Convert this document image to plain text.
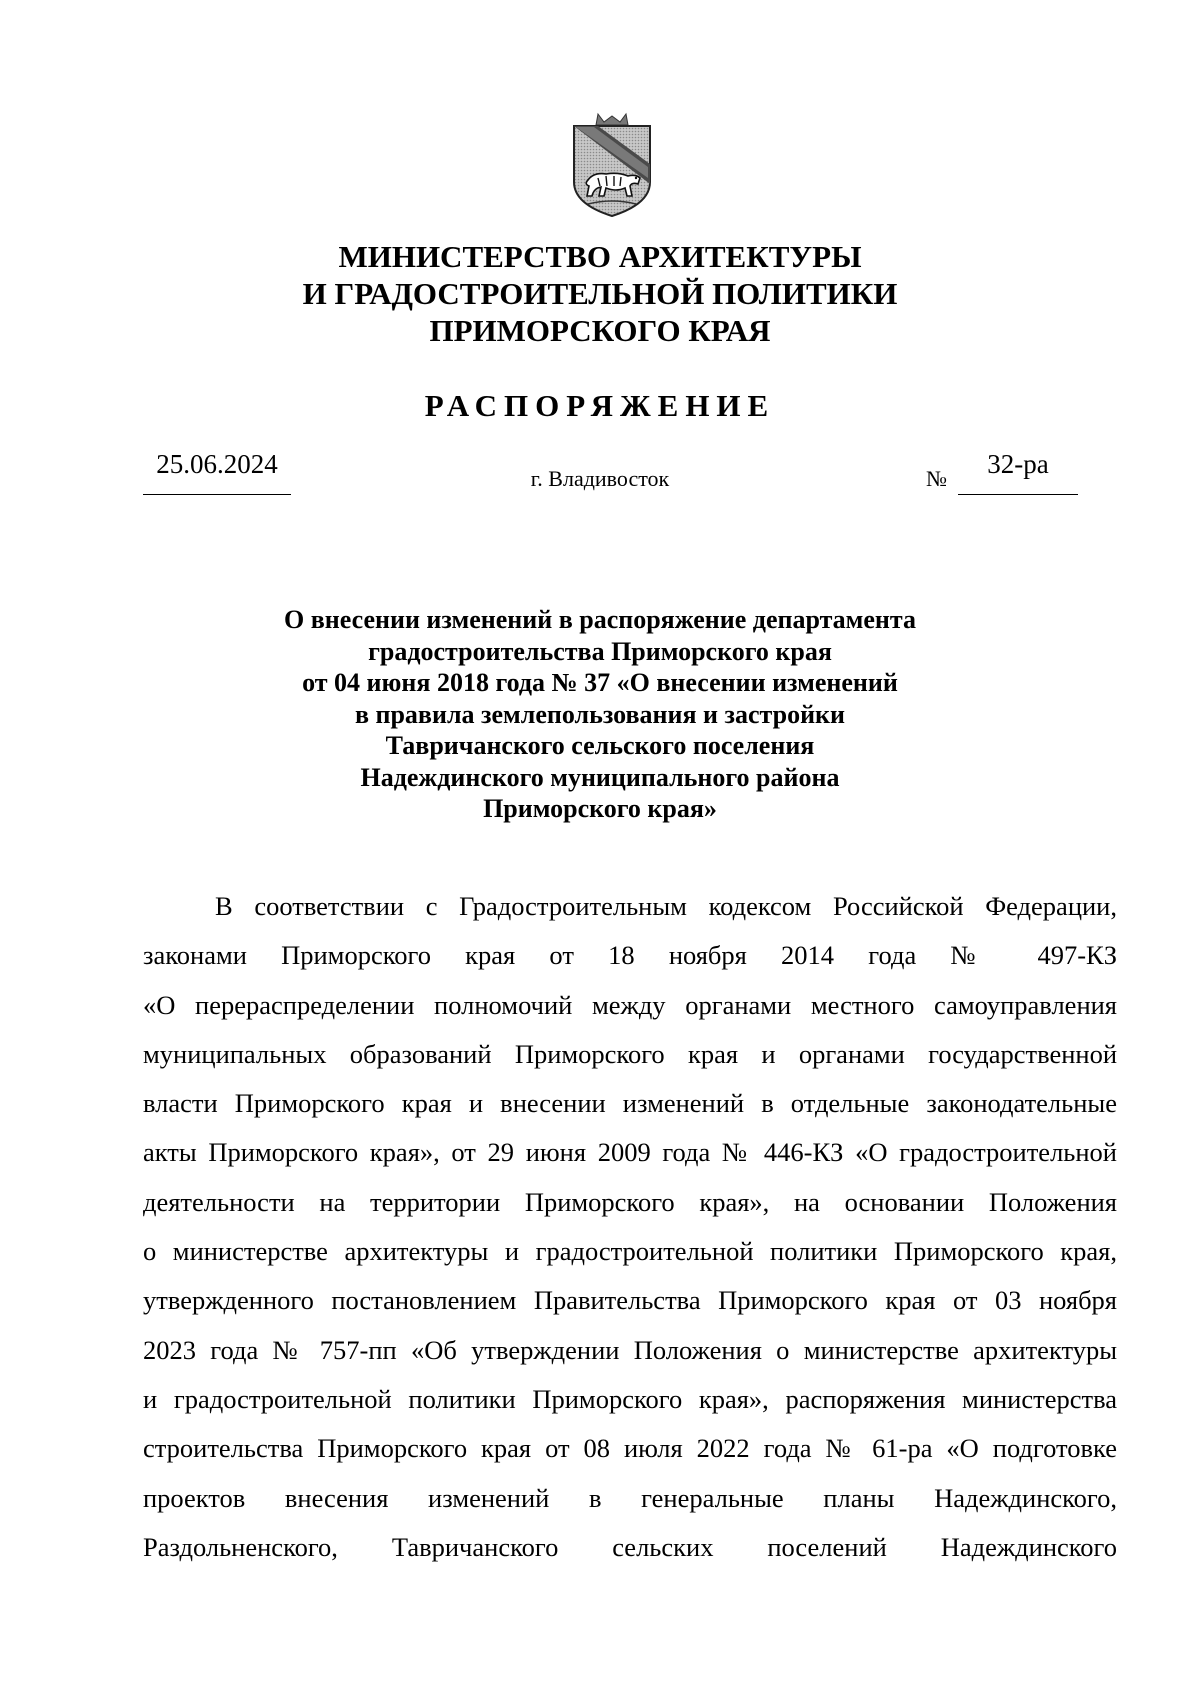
МИНИСТЕРСТВО АРХИТЕКТУРЫ
И ГРАДОСТРОИТЕЛЬНОЙ ПОЛИТИКИ
ПРИМОРСКОГО КРАЯ
РАСПОРЯЖЕНИЕ
25.06.2024	г. Владивосток	№	32-ра
О внесении изменений в распоряжение департамента
градостроительства Приморского края
от 04 июня 2018 года № 37 «О внесении изменений
в правила землепользования и застройки
Тавричанского сельского поселения
Надеждинского муниципального района
Приморского края»
В соответствии с Градостроительным кодексом Российской Федерации,
законами Приморского края от 18 ноября 2014 года № 497-КЗ
«О перераспределении полномочий между органами местного самоуправления
муниципальных образований Приморского края и органами государственной
власти Приморского края и внесении изменений в отдельные законодательные
акты Приморского края», от 29 июня 2009 года № 446-КЗ «О градостроительной
деятельности на территории Приморского края», на основании Положения
о министерстве архитектуры и градостроительной политики Приморского края,
утвержденного постановлением Правительства Приморского края от 03 ноября
2023 года № 757-пп «Об утверждении Положения о министерстве архитектуры
и градостроительной политики Приморского края», распоряжения министерства
строительства Приморского края от 08 июля 2022 года № 61-ра «О подготовке
проектов внесения изменений в генеральные планы Надеждинского,
Раздольненского, Тавричанского сельских поселений Надеждинского
